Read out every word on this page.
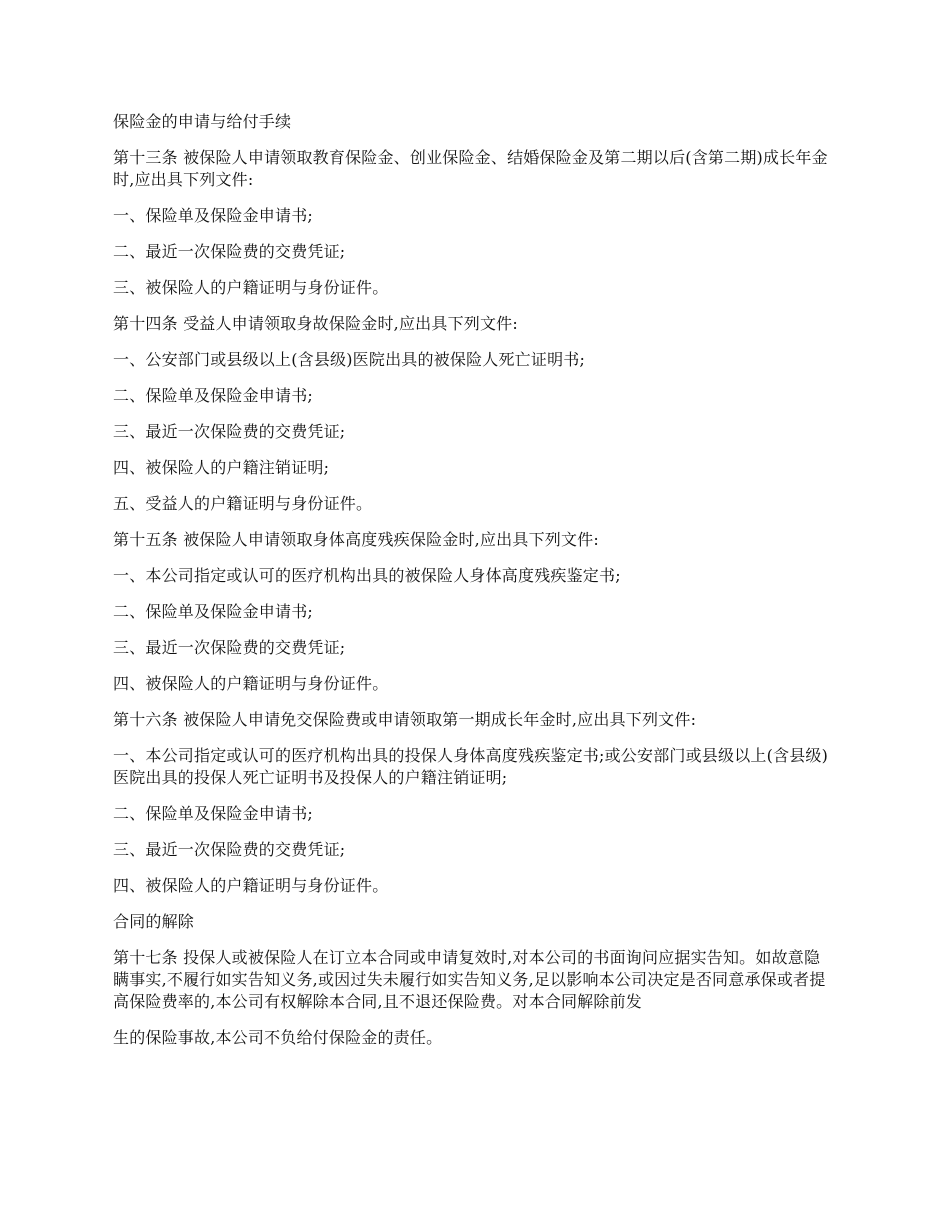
保险金的申请与给付手续

第十三条 被保险人申请领取教育保险金、创业保险金、结婚保险金及第二期以后(含第二期)成长年金时,应出具下列文件:

一、保险单及保险金申请书;

二、最近一次保险费的交费凭证;

三、被保险人的户籍证明与身份证件。

第十四条 受益人申请领取身故保险金时,应出具下列文件:

一、公安部门或县级以上(含县级)医院出具的被保险人死亡证明书;

二、保险单及保险金申请书;

三、最近一次保险费的交费凭证;

四、被保险人的户籍注销证明;

五、受益人的户籍证明与身份证件。

第十五条 被保险人申请领取身体高度残疾保险金时,应出具下列文件:

一、本公司指定或认可的医疗机构出具的被保险人身体高度残疾鉴定书;

二、保险单及保险金申请书;

三、最近一次保险费的交费凭证;

四、被保险人的户籍证明与身份证件。

第十六条 被保险人申请免交保险费或申请领取第一期成长年金时,应出具下列文件:

一、本公司指定或认可的医疗机构出具的投保人身体高度残疾鉴定书;或公安部门或县级以上(含县级)医院出具的投保人死亡证明书及投保人的户籍注销证明;

二、保险单及保险金申请书;

三、最近一次保险费的交费凭证;

四、被保险人的户籍证明与身份证件。

合同的解除

第十七条 投保人或被保险人在订立本合同或申请复效时,对本公司的书面询问应据实告知。如故意隐瞒事实,不履行如实告知义务,或因过失未履行如实告知义务,足以影响本公司决定是否同意承保或者提高保险费率的,本公司有权解除本合同,且不退还保险费。对本合同解除前发

生的保险事故,本公司不负给付保险金的责任。
